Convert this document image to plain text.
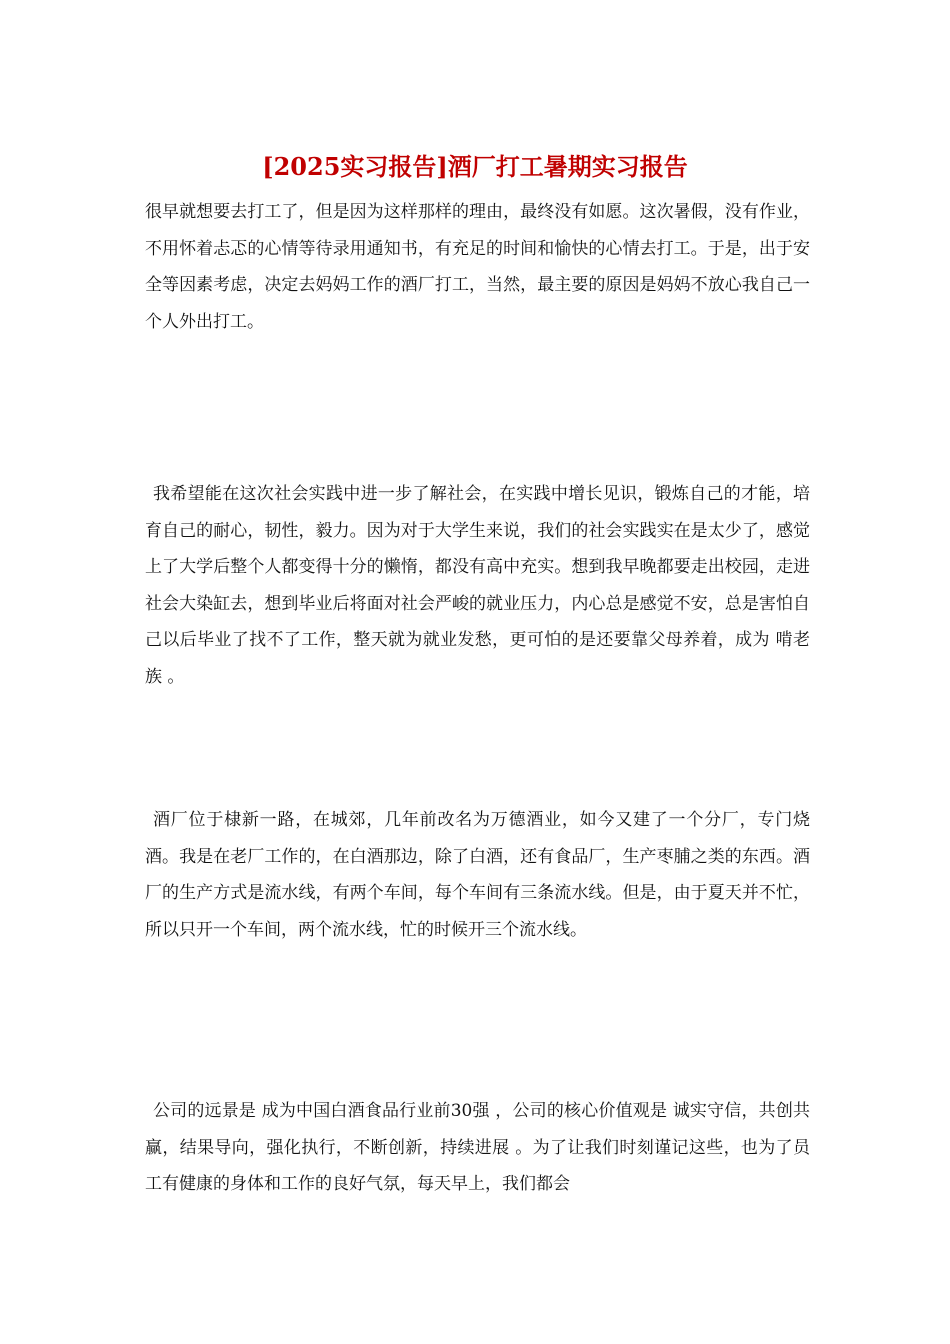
[2025实习报告]酒厂打工暑期实习报告

很早就想要去打工了，但是因为这样那样的理由，最终没有如愿。这次暑假，没有作业，不用怀着忐忑的心情等待录用通知书，有充足的时间和愉快的心情去打工。于是，出于安全等因素考虑，决定去妈妈工作的酒厂打工，当然，最主要的原因是妈妈不放心我自己一个人外出打工。

我希望能在这次社会实践中进一步了解社会，在实践中增长见识，锻炼自己的才能，培育自己的耐心，韧性，毅力。因为对于大学生来说，我们的社会实践实在是太少了，感觉上了大学后整个人都变得十分的懒惰，都没有高中充实。想到我早晚都要走出校园，走进社会大染缸去，想到毕业后将面对社会严峻的就业压力，内心总是感觉不安，总是害怕自己以后毕业了找不了工作，整天就为就业发愁，更可怕的是还要靠父母养着，成为 啃老族 。

酒厂位于棣新一路，在城郊，几年前改名为万德酒业，如今又建了一个分厂，专门烧酒。我是在老厂工作的，在白酒那边，除了白酒，还有食品厂，生产枣脯之类的东西。酒厂的生产方式是流水线，有两个车间，每个车间有三条流水线。但是，由于夏天并不忙，所以只开一个车间，两个流水线，忙的时候开三个流水线。

公司的远景是 成为中国白酒食品行业前30强 ，公司的核心价值观是 诚实守信，共创共赢，结果导向，强化执行，不断创新，持续进展 。为了让我们时刻谨记这些，也为了员工有健康的身体和工作的良好气氛，每天早上，我们都会
